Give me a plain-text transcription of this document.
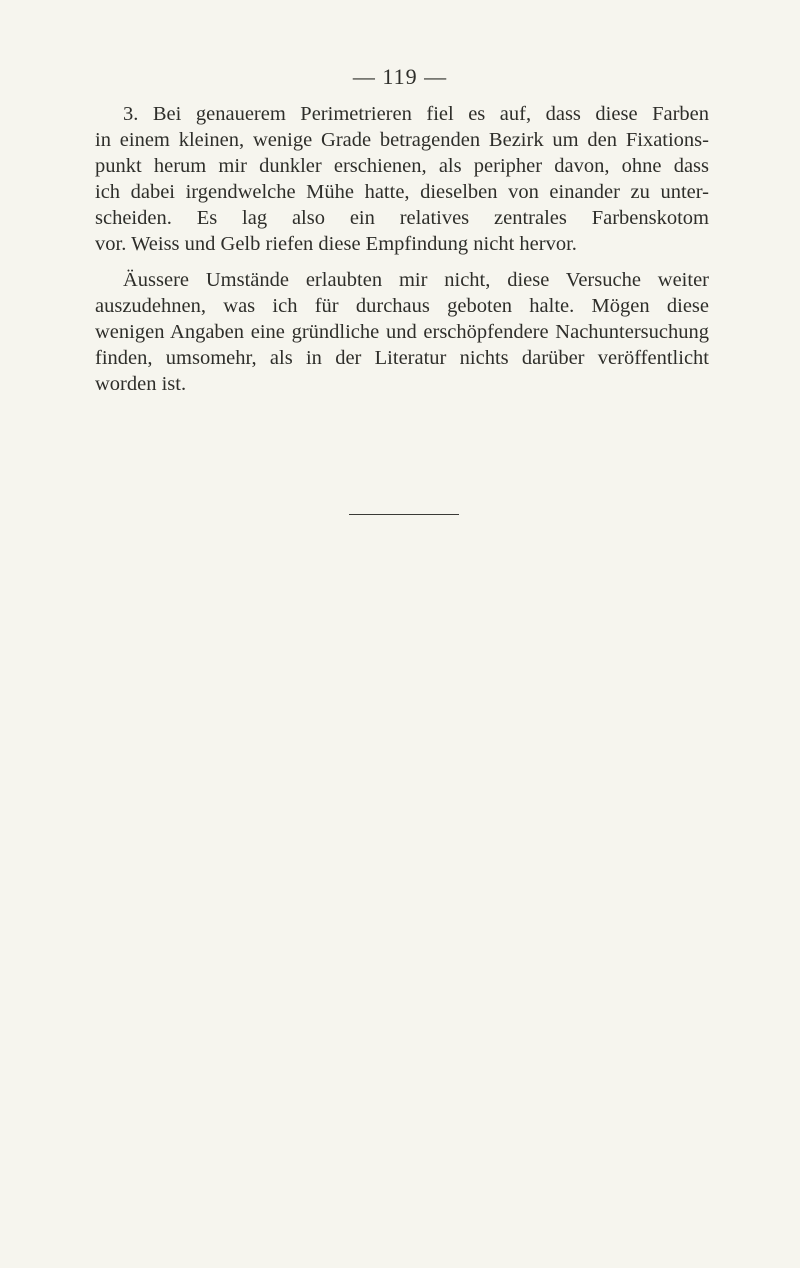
— 119 —
3. Bei genauerem Perimetrieren fiel es auf, dass diese Farben
in einem kleinen, wenige Grade betragenden Bezirk um den Fixations-
punkt herum mir dunkler erschienen, als peripher davon, ohne dass
ich dabei irgendwelche Mühe hatte, dieselben von einander zu unter-
scheiden. Es lag also ein relatives zentrales Farbenskotom
vor. Weiss und Gelb riefen diese Empfindung nicht hervor.
Äussere Umstände erlaubten mir nicht, diese Versuche weiter
auszudehnen, was ich für durchaus geboten halte. Mögen diese
wenigen Angaben eine gründliche und erschöpfendere Nachuntersuchung
finden, umsomehr, als in der Literatur nichts darüber veröffentlicht
worden ist.
